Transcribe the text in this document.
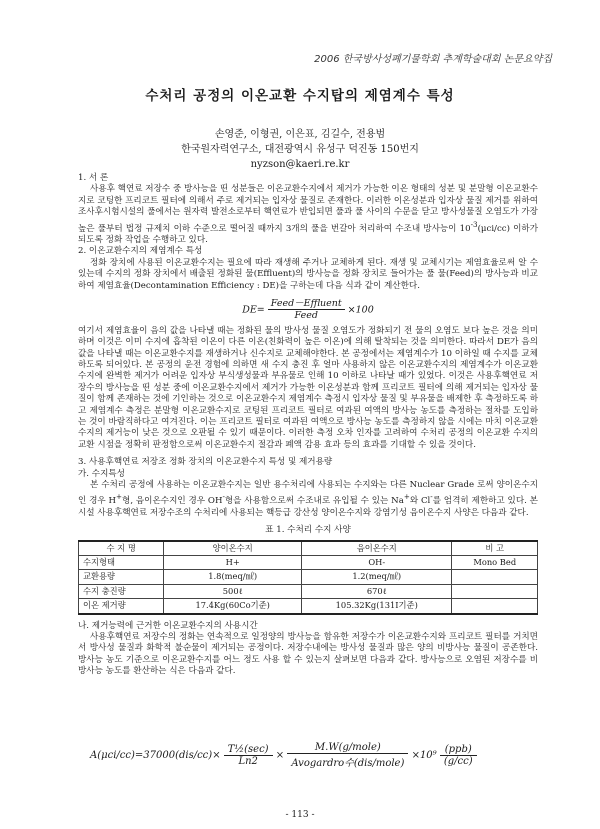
2006 한국방사성폐기물학회 추계학술대회 논문요약집
수처리 공정의 이온교환 수지탑의 제염계수 특성
손영준, 이형권, 이은표, 김길수, 전용범
한국원자력연구소, 대전광역시 유성구 덕진동 150번지
nyzson@kaeri.re.kr

1. 서 론

사용후 핵연료 저장수 중 방사능을 띤 성분들은 이온교환수지에서 제거가 가능한 이온 형태의 성분 및 분말형 이온교환수지로 코팅한 프리코트 필터에 의해서 주로 제거되는 입자상 물질로 존재한다. 이러한 이온성분과 입자상 물질 제거를 위하여 조사후시험시설의 풀에서는 원자력 발전소로부터 핵연료가 반입되면 풀과 풀 사이의 수문을 닫고 방사성물질 오염도가 가장 높은 풀부터 법정 규제치 이하 수준으로 떨어질 때까지 3개의 풀을 번갈아 처리하여 수조내 방사능이 $10^{-3}(\mu ci/cc)$ 이하가 되도록 정화 작업을 수행하고 있다.

2. 이온교환수지의 제염계수 특성

정화 장치에 사용된 이온교환수지는 필요에 따라 재생해 주거나 교체하게 된다. 재생 및 교체시기는 제염효율로써 알 수 있는데 수지의 정화 장치에서 배출된 정화된 물(Effluent)의 방사능을 정화 장치로 들어가는 풀 물(Feed)의 방사능과 비교하여 제염효율(Decontamination Efficiency : DE)을 구하는데 다음 식과 같이 계산한다.

$DE= \frac{\text{Feed－Effluent}}{\text{Feed}} \times 100$

여기서 제염효율이 음의 값을 나타낼 때는 정화된 물의 방사성 물질 오염도가 정화되기 전 물의 오염도 보다 높은 것을 의미하며 이것은 이미 수지에 흡착된 이온이 다른 이온(친화력이 높은 이온)에 의해 탈착되는 것을 의미한다. 따라서 DE가 음의 값을 나타낼 때는 이온교환수지를 재생하거나 신수지로 교체해야한다. 본 공정에서는 제염계수가 10 이하일 때 수지를 교체하도록 되어있다. 본 공정의 운전 경험에 의하면 새 수지 충진 후 얼마 사용하지 않은 이온교환수지의 제염계수가 이온교환수지에 완벽한 제거가 어려운 입자상 부식생성물과 부유물로 인해 10 이하로 나타날 때가 있었다. 이것은 사용후핵연료 저장수의 방사능을 띤 성분 중에 이온교환수지에서 제거가 가능한 이온성분과 함께 프리코트 필터에 의해 제거되는 입자상 물질이 함께 존재하는 것에 기인하는 것으로 이온교환수지 제염계수 측정시 입자상 물질 및 부유물을 배제한 후 측정하도록 하고 제염계수 측정은 분말형 이온교환수지로 코팅된 프리코트 필터로 여과된 여액의 방사능 농도를 측정하는 절차를 도입하는 것이 바람직하다고 여겨진다. 이는 프리코트 필터로 여과된 여액으로 방사능 농도를 측정하지 않을 시에는 마치 이온교환수지의 제거능이 낮은 것으로 오판될 수 있기 때문이다. 이러한 측정 오차 인자를 고려하여 수처리 공정의 이온교환 수지의 교환 시점을 정확히 판정함으로써 이온교환수지 절감과 폐액 감용 효과 등의 효과를 기대할 수 있을 것이다.

3. 사용후핵연료 저장조 정화 장치의 이온교환수지 특성 및 제거용량

가. 수지특성

본 수처리 공정에 사용하는 이온교환수지는 일반 용수처리에 사용되는 수지와는 다른 Nuclear Grade 로써 양이온수지인 경우 H+형, 음이온수지인 경우 OH-형을 사용함으로써 수조내로 유입될 수 있는 Na+와 Cl-를 엄격히 제한하고 있다. 본 시설 사용후핵연료 저장수조의 수처리에 사용되는 핵등급 강산성 양이온수지와 강염기성 음이온수지 사양은 다음과 같다.

표 1. 수처리 수지 사양
수 지 명	양이온수지	음이온수지	비 고
수지형태	H+	OH-	Mono Bed
교환용량	1.8(meq/㎖)	1.2(meq/㎖)	
수지 충진량	500ℓ	670ℓ	
이온 제거량	17.4Kg(60Co기준)	105.32Kg(131I기준)	

나. 제거능력에 근거한 이온교환수지의 사용시간

사용후핵연료 저장수의 정화는 연속적으로 일정양의 방사능을 함유한 저장수가 이온교환수지와 프리코트 필터를 거치면서 방사성 물질과 화학적 불순물이 제거되는 공정이다. 저장수내에는 방사성 물질과 많은 양의 비방사능 물질이 공존한다. 방사능 농도 기준으로 이온교환수지를 어느 정도 사용 할 수 있는지 살펴보면 다음과 같다. 방사능으로 오염된 저장수를 비방사능 농도를 환산하는 식은 다음과 같다.

$A(\mu ci/cc)=37000(dis/cc)\times \frac{\text{T½(sec)}}{Ln2} \times \frac{\text{M.W(g/mole)}}{\text{Avogardro수(dis/mole)}} \times 10^9 \frac{\text{(ppb)}}{(g/cc)}$
- 113 -
